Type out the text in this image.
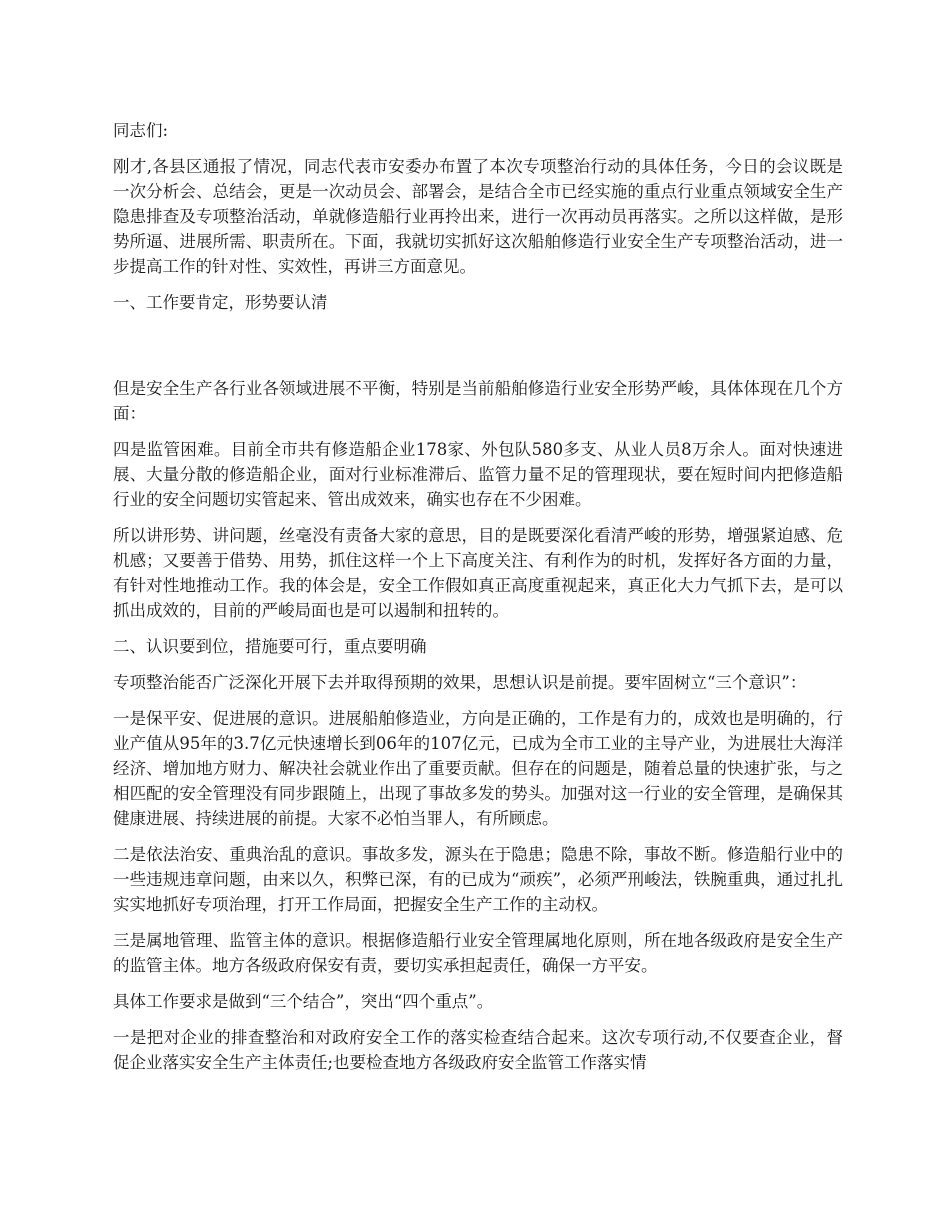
同志们:

刚才,各县区通报了情况，同志代表市安委办布置了本次专项整治行动的具体任务，今日的会议既是一次分析会、总结会，更是一次动员会、部署会，是结合全市已经实施的重点行业重点领域安全生产隐患排查及专项整治活动，单就修造船行业再拎出来，进行一次再动员再落实。之所以这样做，是形势所逼、进展所需、职责所在。下面，我就切实抓好这次船舶修造行业安全生产专项整治活动，进一步提高工作的针对性、实效性，再讲三方面意见。

一、工作要肯定，形势要认清

但是安全生产各行业各领域进展不平衡，特别是当前船舶修造行业安全形势严峻，具体体现在几个方面：

四是监管困难。目前全市共有修造船企业178家、外包队580多支、从业人员8万余人。面对快速进展、大量分散的修造船企业，面对行业标准滞后、监管力量不足的管理现状，要在短时间内把修造船行业的安全问题切实管起来、管出成效来，确实也存在不少困难。

所以讲形势、讲问题，丝毫没有责备大家的意思，目的是既要深化看清严峻的形势，增强紧迫感、危机感；又要善于借势、用势，抓住这样一个上下高度关注、有利作为的时机，发挥好各方面的力量，有针对性地推动工作。我的体会是，安全工作假如真正高度重视起来，真正化大力气抓下去，是可以抓出成效的，目前的严峻局面也是可以遏制和扭转的。

二、认识要到位，措施要可行，重点要明确

专项整治能否广泛深化开展下去并取得预期的效果，思想认识是前提。要牢固树立“三个意识”：

一是保平安、促进展的意识。进展船舶修造业，方向是正确的，工作是有力的，成效也是明确的，行业产值从95年的3.7亿元快速增长到06年的107亿元，已成为全市工业的主导产业，为进展壮大海洋经济、增加地方财力、解决社会就业作出了重要贡献。但存在的问题是，随着总量的快速扩张，与之相匹配的安全管理没有同步跟随上，出现了事故多发的势头。加强对这一行业的安全管理，是确保其健康进展、持续进展的前提。大家不必怕当罪人，有所顾虑。

二是依法治安、重典治乱的意识。事故多发，源头在于隐患；隐患不除，事故不断。修造船行业中的一些违规违章问题，由来以久，积弊已深，有的已成为“顽疾”，必须严刑峻法，铁腕重典，通过扎扎实实地抓好专项治理，打开工作局面，把握安全生产工作的主动权。

三是属地管理、监管主体的意识。根据修造船行业安全管理属地化原则，所在地各级政府是安全生产的监管主体。地方各级政府保安有责，要切实承担起责任，确保一方平安。

具体工作要求是做到“三个结合”，突出“四个重点”。

一是把对企业的排查整治和对政府安全工作的落实检查结合起来。这次专项行动,不仅要查企业，督促企业落实安全生产主体责任;也要检查地方各级政府安全监管工作落实情
